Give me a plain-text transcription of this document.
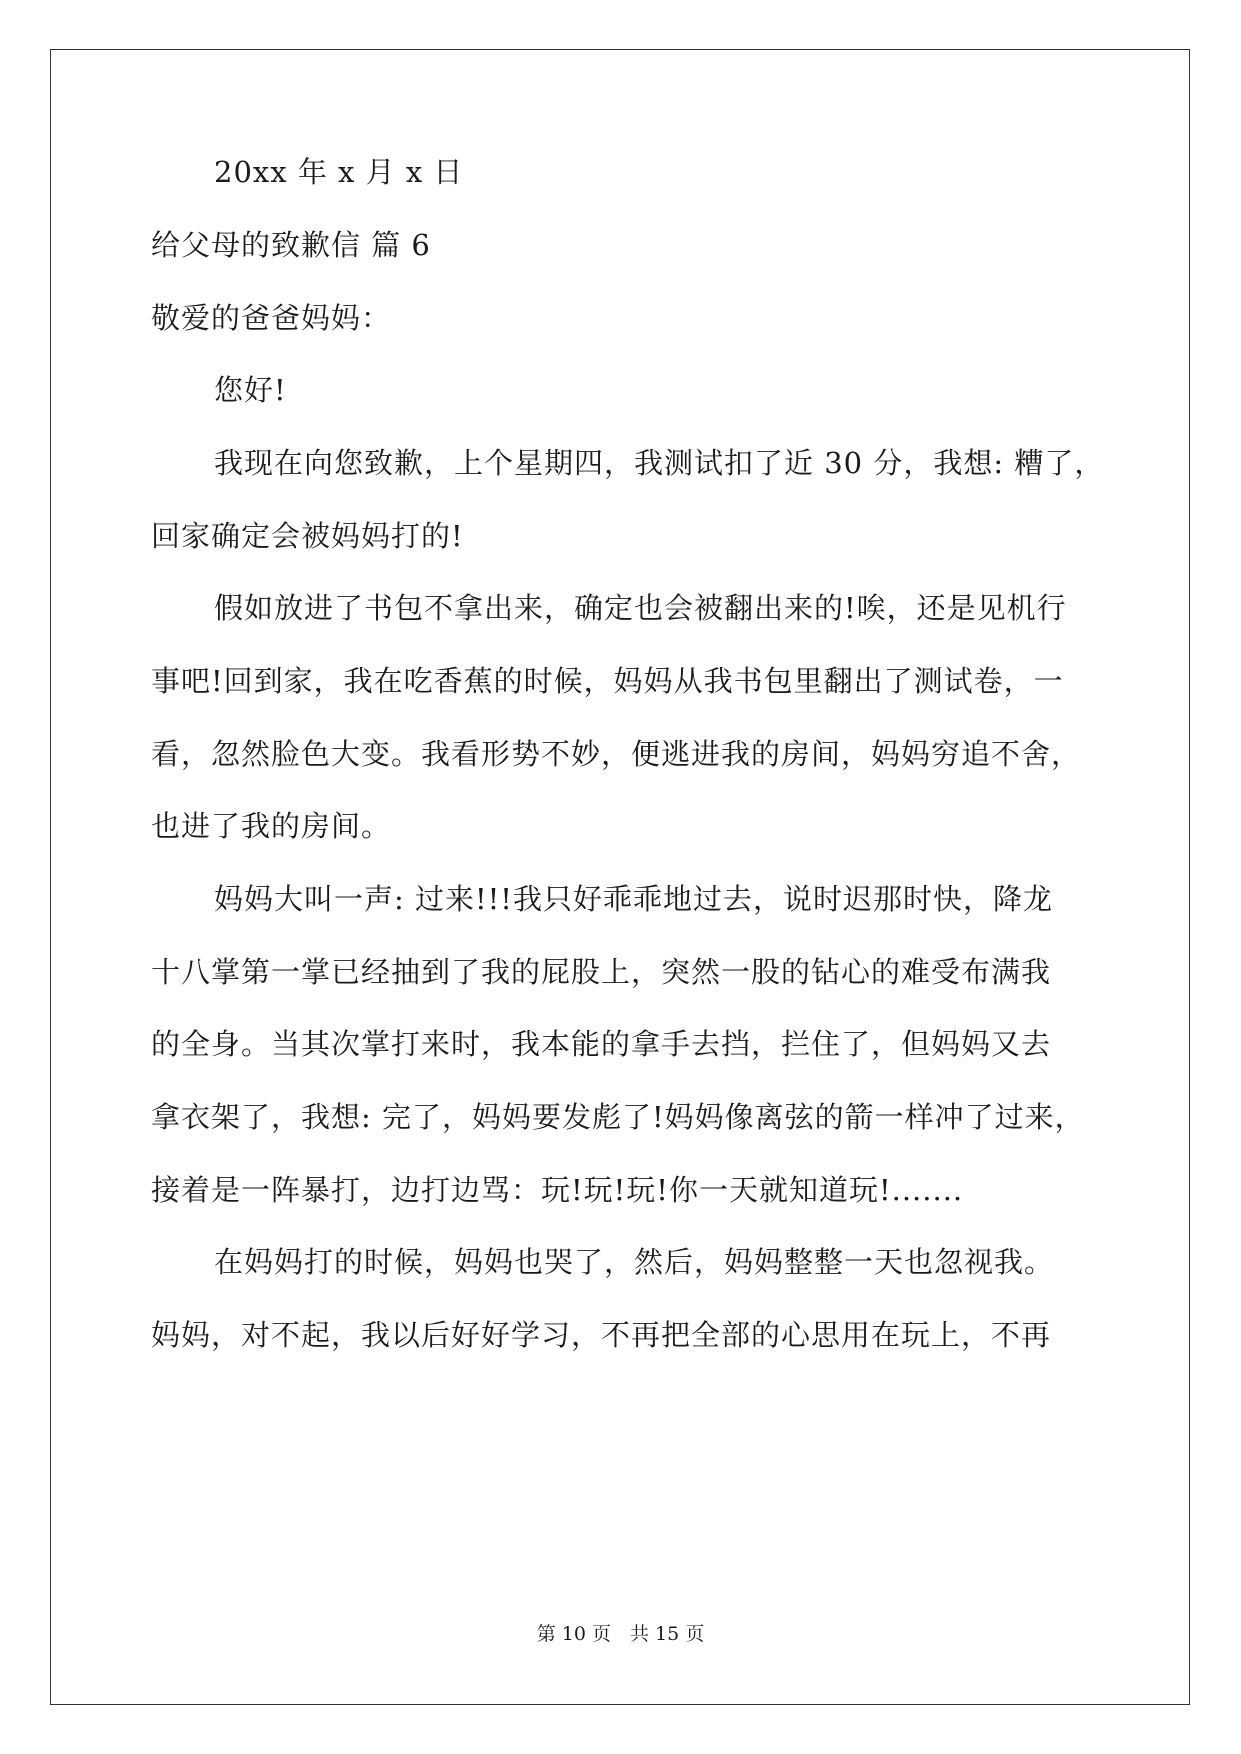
20xx 年 x 月 x 日
给父母的致歉信 篇 6
敬爱的爸爸妈妈：
您好!
我现在向您致歉，上个星期四，我测试扣了近 30 分，我想: 糟了，
回家确定会被妈妈打的!
假如放进了书包不拿出来，确定也会被翻出来的!唉，还是见机行
事吧!回到家，我在吃香蕉的时候，妈妈从我书包里翻出了测试卷，一
看，忽然脸色大变。我看形势不妙，便逃进我的房间，妈妈穷追不舍，
也进了我的房间。
妈妈大叫一声: 过来!!!我只好乖乖地过去，说时迟那时快，降龙
十八掌第一掌已经抽到了我的屁股上，突然一股的钻心的难受布满我
的全身。当其次掌打来时，我本能的拿手去挡，拦住了，但妈妈又去
拿衣架了，我想: 完了，妈妈要发彪了!妈妈像离弦的箭一样冲了过来，
接着是一阵暴打，边打边骂：玩!玩!玩!你一天就知道玩!.......
在妈妈打的时候，妈妈也哭了，然后，妈妈整整一天也忽视我。
妈妈，对不起，我以后好好学习，不再把全部的心思用在玩上，不再
第 10 页　共 15 页
